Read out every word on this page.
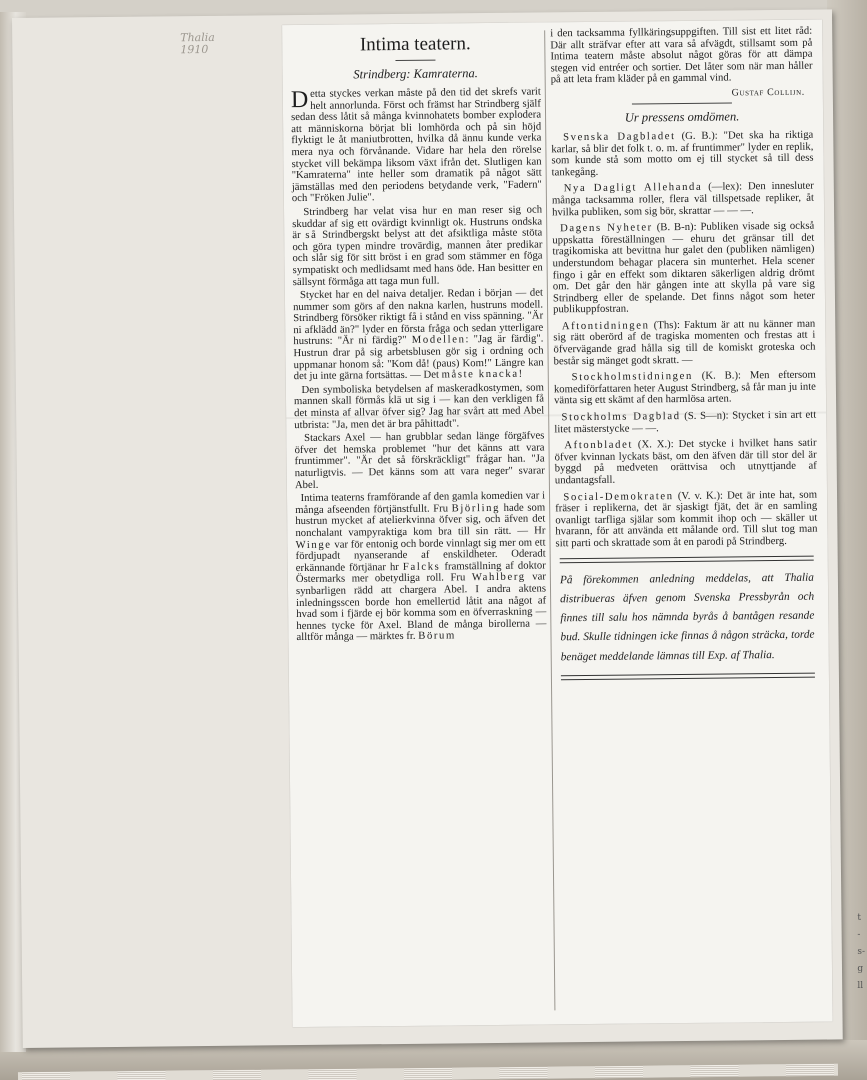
Thalia
1910	Intima teatern.
Strindberg: Kamraterna.

Detta styckes verkan måste på den tid det skrefs varit helt annorlunda. Först och främst har Strindberg själf sedan dess låtit så många kvinnohatets bomber explodera att människorna börjat bli lomhörda och på sin höjd flyktigt le åt maniutbrotten, hvilka då ännu kunde verka mera nya och förvånande. Vidare har hela den rörelse stycket vill bekämpa liksom växt ifrån det. Slutligen kan "Kamraterna" inte heller som dramatik på något sätt jämställas med den periodens betydande verk, "Fadern" och "Fröken Julie".

Strindberg har velat visa hur en man reser sig och skuddar af sig ett ovärdigt kvinnligt ok. Hustruns ondska är så Strindbergskt belyst att det afsiktliga måste stöta och göra typen mindre trovärdig, mannen åter predikar och slår sig för sitt bröst i en grad som stämmer en föga sympatiskt och medlidsamt med hans öde. Han besitter en sällsynt förmåga att taga mun full.

Stycket har en del naiva detaljer. Redan i början — det nummer som görs af den nakna karlen, hustruns modell. Strindberg försöker riktigt få i stånd en viss spänning. "Är ni afklädd än?" lyder en första fråga och sedan ytterligare hustruns: "Är ni färdig?" Modellen: "Jag är färdig". Hustrun drar på sig arbetsblusen gör sig i ordning och uppmanar honom så: "Kom då! (paus) Kom!" Längre kan det ju inte gärna fortsättas. — Det måste knacka!

Den symboliska betydelsen af maskeradkostymen, som mannen skall förmås klä ut sig i — kan den verkligen få det minsta af allvar öfver sig? Jag har svårt att med Abel utbrista: "Ja, men det är bra påhittadt".

Stackars Axel — han grubblar sedan länge förgäfves öfver det hemska problemet "hur det känns att vara fruntimmer". "Är det så förskräckligt" frågar han. "Ja naturligtvis. — Det känns som att vara neger" svarar Abel.

Intima teaterns framförande af den gamla komedien var i många afseenden förtjänstfullt. Fru Björling hade som hustrun mycket af atelierkvinna öfver sig, och äfven det nonchalant vampyraktiga kom bra till sin rätt. — Hr Winge var för entonig och borde vinnlagt sig mer om ett fördjupadt nyanserande af enskildheter. Oderadt erkännande förtjänar hr Falcks framställning af doktor Östermarks mer obetydliga roll. Fru Wahlberg var synbarligen rädd att chargera Abel. I andra aktens inledningsscen borde hon emellertid låtit ana något af hvad som i fjärde ej bör komma som en öfverraskning — hennes tycke för Axel. Bland de många birollerna — alltför många — märktes fr. Börum

i den tacksamma fyllkäringsuppgiften. Till sist ett litet råd: Där allt sträfvar efter att vara så afvägdt, stillsamt som på Intima teatern måste absolut något göras för att dämpa stegen vid entréer och sortier. Det låter som när man håller på att leta fram kläder på en gammal vind.

Gustaf Collijn.
Ur pressens omdömen.

Svenska Dagbladet (G. B.): "Det ska ha riktiga karlar, så blir det folk t. o. m. af fruntimmer" lyder en replik, som kunde stå som motto om ej till stycket så till dess tankegång.

Nya Dagligt Allehanda (—lex): Den innesluter många tacksamma roller, flera väl tillspetsade repliker, åt hvilka publiken, som sig bör, skrattar — — —.

Dagens Nyheter (B. B-n): Publiken visade sig också uppskatta föreställningen — ehuru det gränsar till det tragikomiska att bevittna hur galet den (publiken nämligen) understundom behagar placera sin munterhet. Hela scener fingo i går en effekt som diktaren säkerligen aldrig drömt om. Det går den här gången inte att skylla på vare sig Strindberg eller de spelande. Det finns något som heter publikuppfostran.

Aftontidningen (Ths): Faktum är att nu känner man sig rätt oberörd af de tragiska momenten och frestas att i öfvervägande grad hålla sig till de komiskt groteska och består sig mänget godt skratt. —

Stockholmstidningen (K. B.): Men eftersom komediförfattaren heter August Strindberg, så får man ju inte vänta sig ett skämt af den harmlösa arten.

Stockholms Dagblad (S. S—n): Stycket i sin art ett litet mästerstycke — —.

Aftonbladet (X. X.): Det stycke i hvilket hans satir öfver kvinnan lyckats bäst, om den äfven där till stor del är byggd på medveten orättvisa och utnyttjande af undantagsfall.

Social-Demokraten (V. v. K.): Det är inte hat, som fräser i replikerna, det är sjaskigt fjät, det är en samling ovanligt tarfliga själar som kommit ihop och — skäller ut hvarann, för att använda ett målande ord. Till slut tog man sitt parti och skrattade som åt en parodi på Strindberg.

På förekommen anledning meddelas, att Thalia distribueras äfven genom Svenska Pressbyrån och finnes till salu hos nämnda byrås å bantågen resande bud. Skulle tidningen icke finnas å någon sträcka, torde benäget meddelande lämnas till Exp. af Thalia.
t
-
s-
g
ll
